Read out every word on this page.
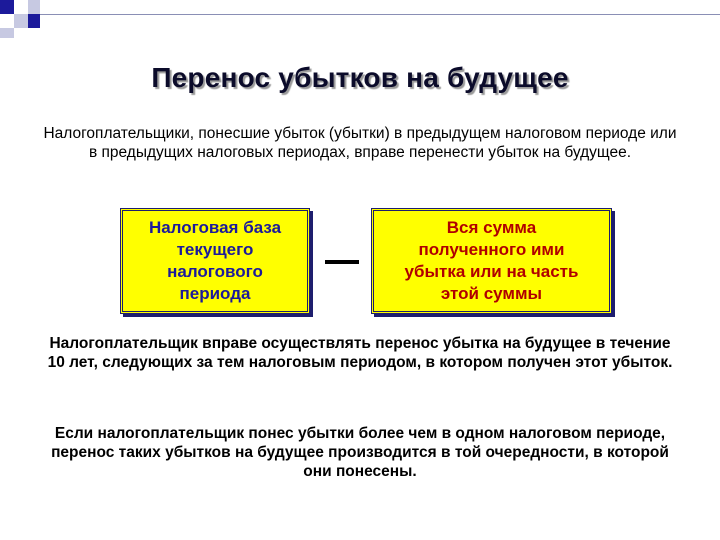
Перенос убытков на будущее
Налогоплательщики, понесшие убыток (убытки) в предыдущем налоговом периоде или в предыдущих налоговых периодах, вправе перенести убыток на будущее.
Налоговая база
текущего
налогового
периода
Вся сумма
полученного ими
убытка или на часть
этой суммы
Налогоплательщик вправе осуществлять перенос убытка на будущее в течение 10 лет, следующих за тем налоговым периодом, в котором получен этот убыток.
Если налогоплательщик понес убытки более чем в одном налоговом периоде, перенос таких убытков на будущее производится в той очередности, в которой они понесены.
